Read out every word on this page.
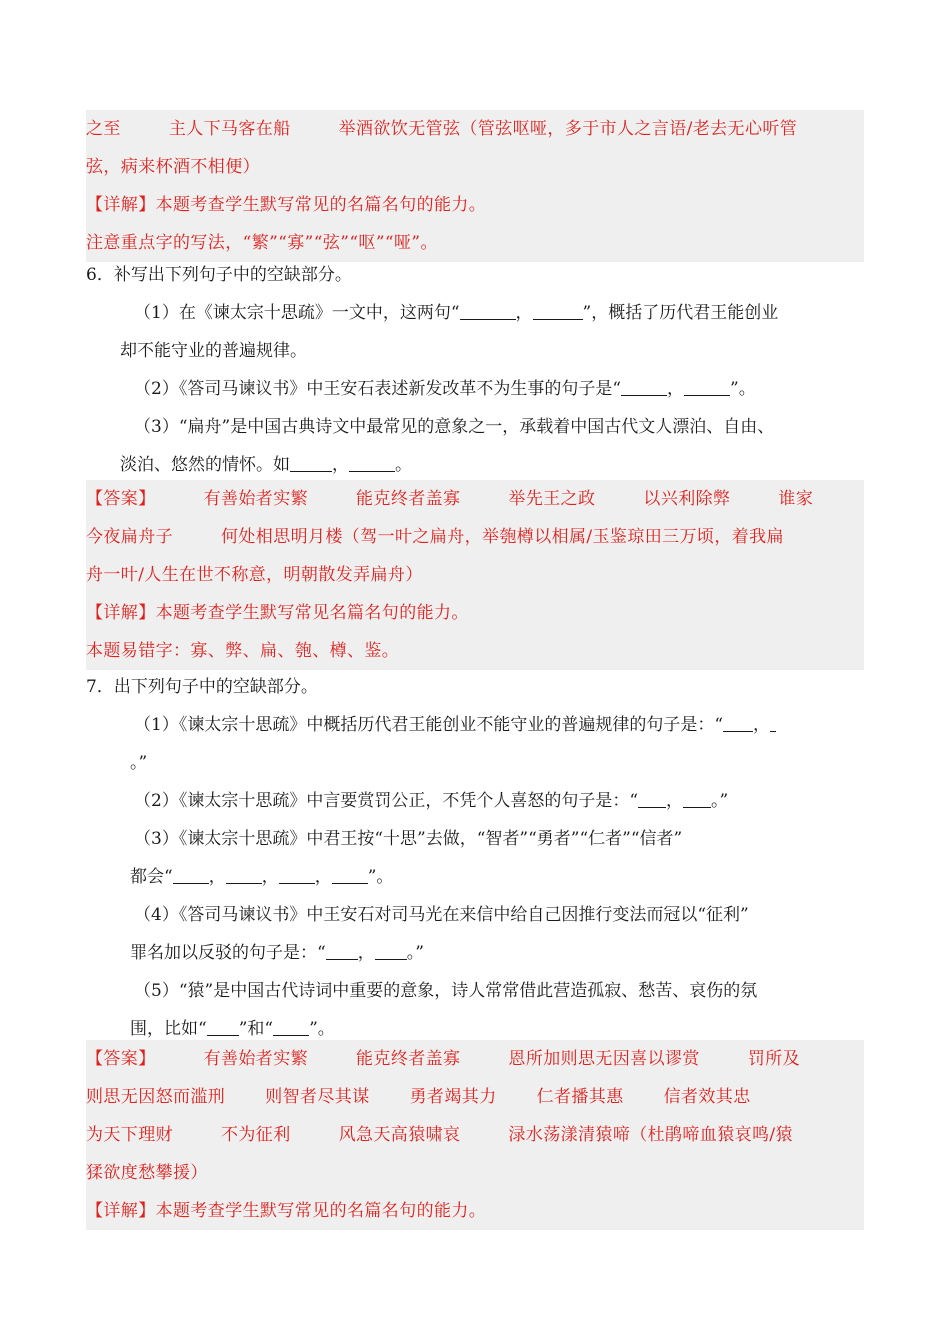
之至	主人下马客在船	举酒欲饮无管弦（管弦呕哑，多于市人之言语/老去无心听管
弦，病来杯酒不相便）
【详解】本题考查学生默写常见的名篇名句的能力。
注意重点字的写法，“繁”“寡”“弦”“呕”“哑”。
6．补写出下列句子中的空缺部分。
（1）在《谏太宗十思疏》一文中，这两句“	，	”，概括了历代君王能创业
却不能守业的普遍规律。
（2）《答司马谏议书》中王安石表述新发改革不为生事的句子是“	，	”。
（3）“扁舟”是中国古典诗文中最常见的意象之一，承载着中国古代文人漂泊、自由、
淡泊、悠然的情怀。如 ，	。
【答案】	有善始者实繁	能克终者盖寡	举先王之政	以兴利除弊	谁家
今夜扁舟子	何处相思明月楼（驾一叶之扁舟，举匏樽以相属/玉鉴琼田三万顷，着我扁
舟一叶/人生在世不称意，明朝散发弄扁舟）
【详解】本题考查学生默写常见名篇名句的能力。
本题易错字：寡、弊、扁、匏、樽、鉴。
7．出下列句子中的空缺部分。
（1）《谏太宗十思疏》中概括历代君王能创业不能守业的普遍规律的句子是：“ ，
。”
（2）《谏太宗十思疏》中言要赏罚公正，不凭个人喜怒的句子是：“ ， 。”
（3）《谏太宗十思疏》中君王按“十思”去做，“智者”“勇者”“仁者”“信者”
都会“ ， ， ， ”。
（4）《答司马谏议书》中王安石对司马光在来信中给自己因推行变法而冠以“征利”
罪名加以反驳的句子是：“ ， 。”
（5）“猿”是中国古代诗词中重要的意象，诗人常常借此营造孤寂、愁苦、哀伤的氛
围，比如“ ”和“ ”。
【答案】	有善始者实繁	能克终者盖寡	恩所加则思无因喜以谬赏	罚所及
则思无因怒而滥刑 则智者尽其谋 勇者竭其力 仁者播其惠 信者效其忠
为天下理财	不为征利	风急天高猿啸哀	渌水荡漾清猿啼（杜鹃啼血猿哀鸣/猿
猱欲度愁攀援）
【详解】本题考查学生默写常见的名篇名句的能力。
